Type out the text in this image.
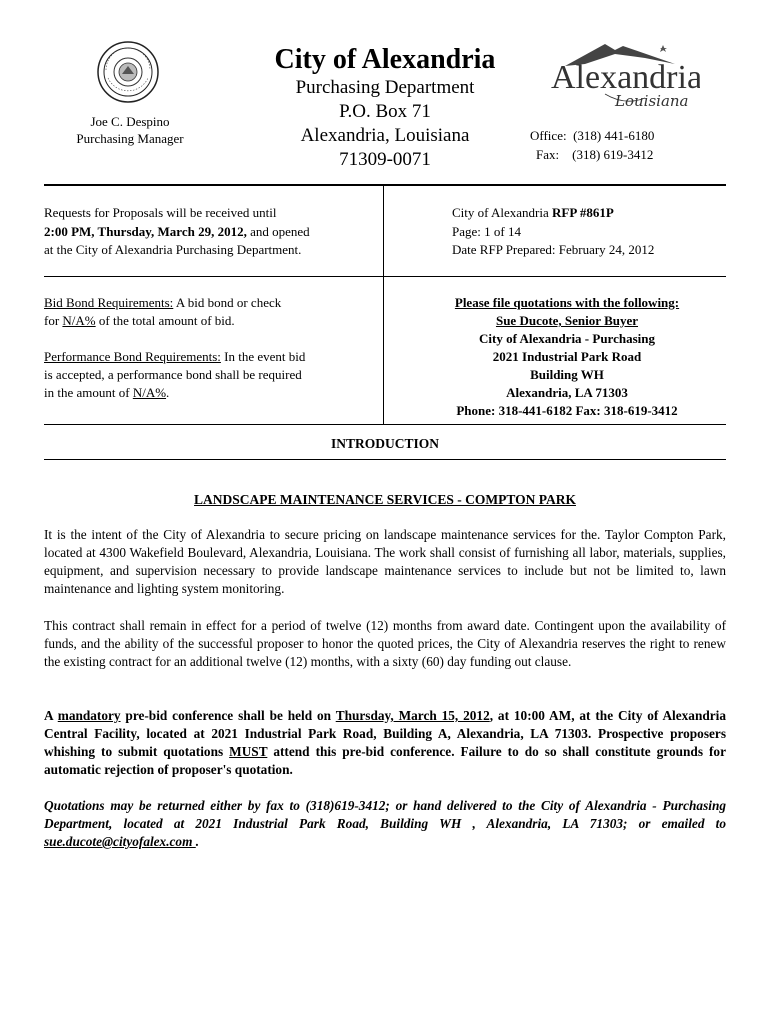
Joe C. Despino
Purchasing Manager
City of Alexandria
Purchasing Department
P.O. Box 71
Alexandria, Louisiana
71309-0071
Alexandria
Louisiana
Office: (318) 441-6180
Fax: (318) 619-3412
Requests for Proposals will be received until
2:00 PM, Thursday, March 29, 2012, and opened
at the City of Alexandria Purchasing Department.
City of Alexandria RFP #861P
Page: 1 of 14
Date RFP Prepared: February 24, 2012

Bid Bond Requirements: A bid bond or check
for N/A% of the total amount of bid.

Performance Bond Requirements: In the event bid
is accepted, a performance bond shall be required
in the amount of N/A%.

Please file quotations with the following:
Sue Ducote, Senior Buyer
City of Alexandria - Purchasing
2021 Industrial Park Road
Building WH
Alexandria, LA 71303
Phone: 318-441-6182 Fax: 318-619-3412
INTRODUCTION
LANDSCAPE MAINTENANCE SERVICES - COMPTON PARK

It is the intent of the City of Alexandria to secure pricing on landscape maintenance services for the. Taylor Compton Park, located at 4300 Wakefield Boulevard, Alexandria, Louisiana. The work shall consist of furnishing all labor, materials, supplies, equipment, and supervision necessary to provide landscape maintenance services to include but not be limited to, lawn maintenance and lighting system monitoring.

This contract shall remain in effect for a period of twelve (12) months from award date. Contingent upon the availability of funds, and the ability of the successful proposer to honor the quoted prices, the City of Alexandria reserves the right to renew the existing contract for an additional twelve (12) months, with a sixty (60) day funding out clause.

A mandatory pre-bid conference shall be held on Thursday, March 15, 2012, at 10:00 AM, at the City of Alexandria Central Facility, located at 2021 Industrial Park Road, Building A, Alexandria, LA 71303. Prospective proposers whishing to submit quotations MUST attend this pre-bid conference. Failure to do so shall constitute grounds for automatic rejection of proposer's quotation.

Quotations may be returned either by fax to (318)619-3412; or hand delivered to the City of Alexandria - Purchasing Department, located at 2021 Industrial Park Road, Building WH , Alexandria, LA 71303; or emailed to sue.ducote@cityofalex.com .
